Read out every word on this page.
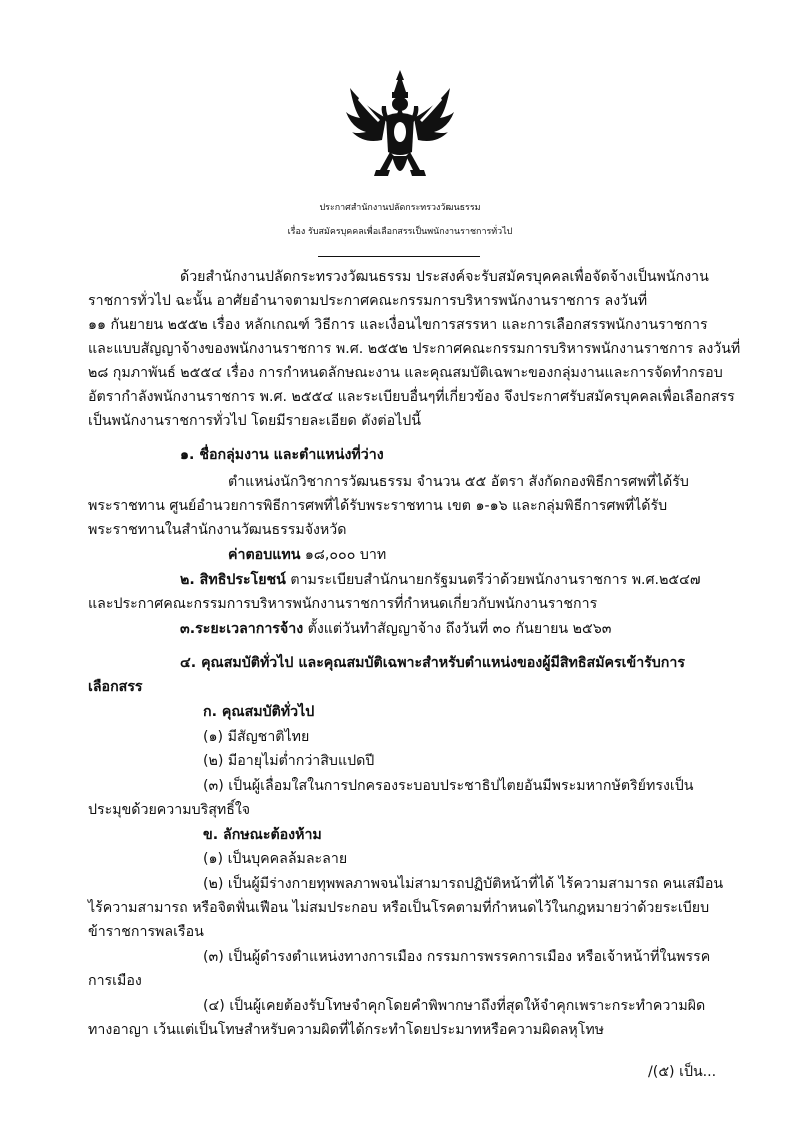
ประกาศสำนักงานปลัดกระทรวงวัฒนธรรม
เรื่อง รับสมัครบุคคลเพื่อเลือกสรรเป็นพนักงานราชการทั่วไป
ด้วยสำนักงานปลัดกระทรวงวัฒนธรรม ประสงค์จะรับสมัครบุคคลเพื่อจัดจ้างเป็นพนักงาน
ราชการทั่วไป ฉะนั้น อาศัยอำนาจตามประกาศคณะกรรมการบริหารพนักงานราชการ ลงวันที่
๑๑ กันยายน ๒๕๕๒ เรื่อง หลักเกณฑ์ วิธีการ และเงื่อนไขการสรรหา และการเลือกสรรพนักงานราชการ
และแบบสัญญาจ้างของพนักงานราชการ พ.ศ. ๒๕๕๒ ประกาศคณะกรรมการบริหารพนักงานราชการ ลงวันที่
๒๘ กุมภาพันธ์ ๒๕๕๔ เรื่อง การกำหนดลักษณะงาน และคุณสมบัติเฉพาะของกลุ่มงานและการจัดทำกรอบ
อัตรากำลังพนักงานราชการ พ.ศ. ๒๕๕๔ และระเบียบอื่นๆที่เกี่ยวข้อง จึงประกาศรับสมัครบุคคลเพื่อเลือกสรร
เป็นพนักงานราชการทั่วไป โดยมีรายละเอียด ดังต่อไปนี้
๑. ชื่อกลุ่มงาน และตำแหน่งที่ว่าง
ตำแหน่งนักวิชาการวัฒนธรรม จำนวน ๕๕ อัตรา สังกัดกองพิธีการศพที่ได้รับ
พระราชทาน ศูนย์อำนวยการพิธีการศพที่ได้รับพระราชทาน เขต ๑-๑๖ และกลุ่มพิธีการศพที่ได้รับ
พระราชทานในสำนักงานวัฒนธรรมจังหวัด
ค่าตอบแทน ๑๘,๐๐๐ บาท
๒. สิทธิประโยชน์ ตามระเบียบสำนักนายกรัฐมนตรีว่าด้วยพนักงานราชการ พ.ศ.๒๕๔๗
และประกาศคณะกรรมการบริหารพนักงานราชการที่กำหนดเกี่ยวกับพนักงานราชการ
๓.ระยะเวลาการจ้าง ตั้งแต่วันทำสัญญาจ้าง ถึงวันที่ ๓๐ กันยายน ๒๕๖๓
๔. คุณสมบัติทั่วไป และคุณสมบัติเฉพาะสำหรับตำแหน่งของผู้มีสิทธิสมัครเข้ารับการ
เลือกสรร
ก. คุณสมบัติทั่วไป
(๑) มีสัญชาติไทย
(๒) มีอายุไม่ต่ำกว่าสิบแปดปี
(๓) เป็นผู้เลื่อมใสในการปกครองระบอบประชาธิปไตยอันมีพระมหากษัตริย์ทรงเป็น
ประมุขด้วยความบริสุทธิ์ใจ
ข. ลักษณะต้องห้าม
(๑) เป็นบุคคลล้มละลาย
(๒) เป็นผู้มีร่างกายทุพพลภาพจนไม่สามารถปฏิบัติหน้าที่ได้ ไร้ความสามารถ คนเสมือน
ไร้ความสามารถ หรือจิตฟั่นเฟือน ไม่สมประกอบ หรือเป็นโรคตามที่กำหนดไว้ในกฎหมายว่าด้วยระเบียบ
ข้าราชการพลเรือน
(๓) เป็นผู้ดำรงตำแหน่งทางการเมือง กรรมการพรรคการเมือง หรือเจ้าหน้าที่ในพรรค
การเมือง
(๔) เป็นผู้เคยต้องรับโทษจำคุกโดยคำพิพากษาถึงที่สุดให้จำคุกเพราะกระทำความผิด
ทางอาญา เว้นแต่เป็นโทษสำหรับความผิดที่ได้กระทำโดยประมาทหรือความผิดลหุโทษ
/(๕) เป็น...
